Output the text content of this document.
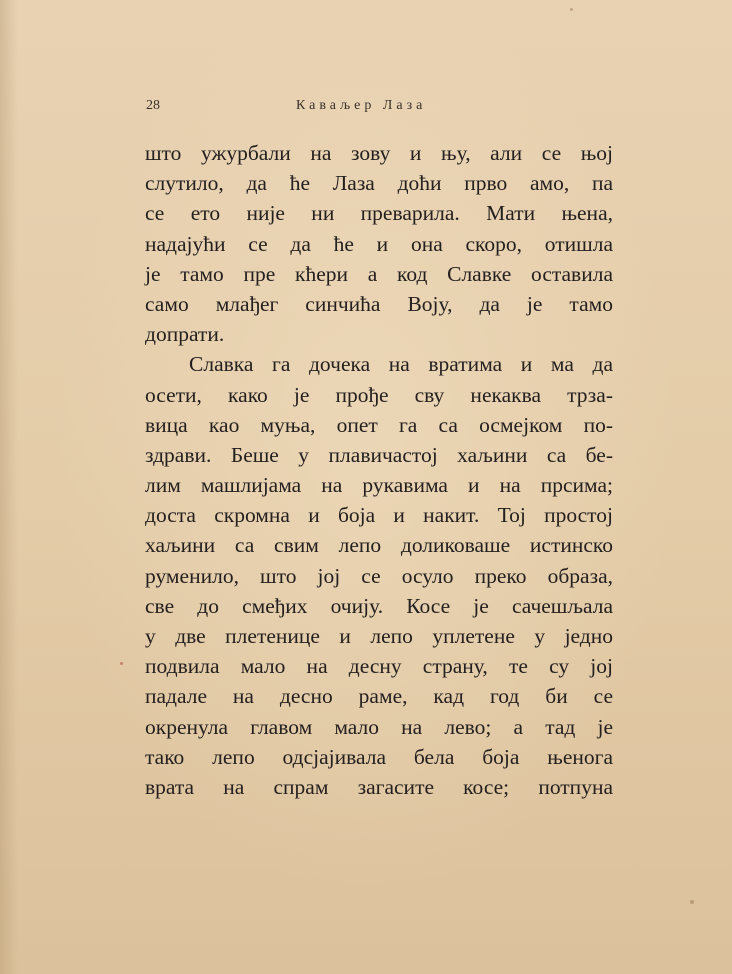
28	Каваљер Лаза
што ужурбали на зову и њу, али се њој
слутило, да ће Лаза доћи прво амо, па
се ето није ни преварила. Мати њена,
надајући се да ће и она скоро, отишла
је тамо пре кћери а код Славке оставила
само млађег синчића Воју, да је тамо
допрати.
Славка га дочека на вратима и ма да
осети, како је прође сву некаква трза-
вица као муња, опет га са осмејком по-
здрави. Беше у плавичастој хаљини са бе-
лим машлијама на рукавима и на прсима;
доста скромна и боја и накит. Тој простој
хаљини са свим лепо доликоваше истинско
руменило, што јој се осуло преко образа,
све до смеђих очију. Косе је сачешљала
у две плетенице и лепо уплетене у једно
подвила мало на десну страну, те су јој
падале на десно раме, кад год би се
окренула главом мало на лево; а тад је
тако лепо одсјајивала бела боја њенога
врата на спрам загасите косе; потпуна
